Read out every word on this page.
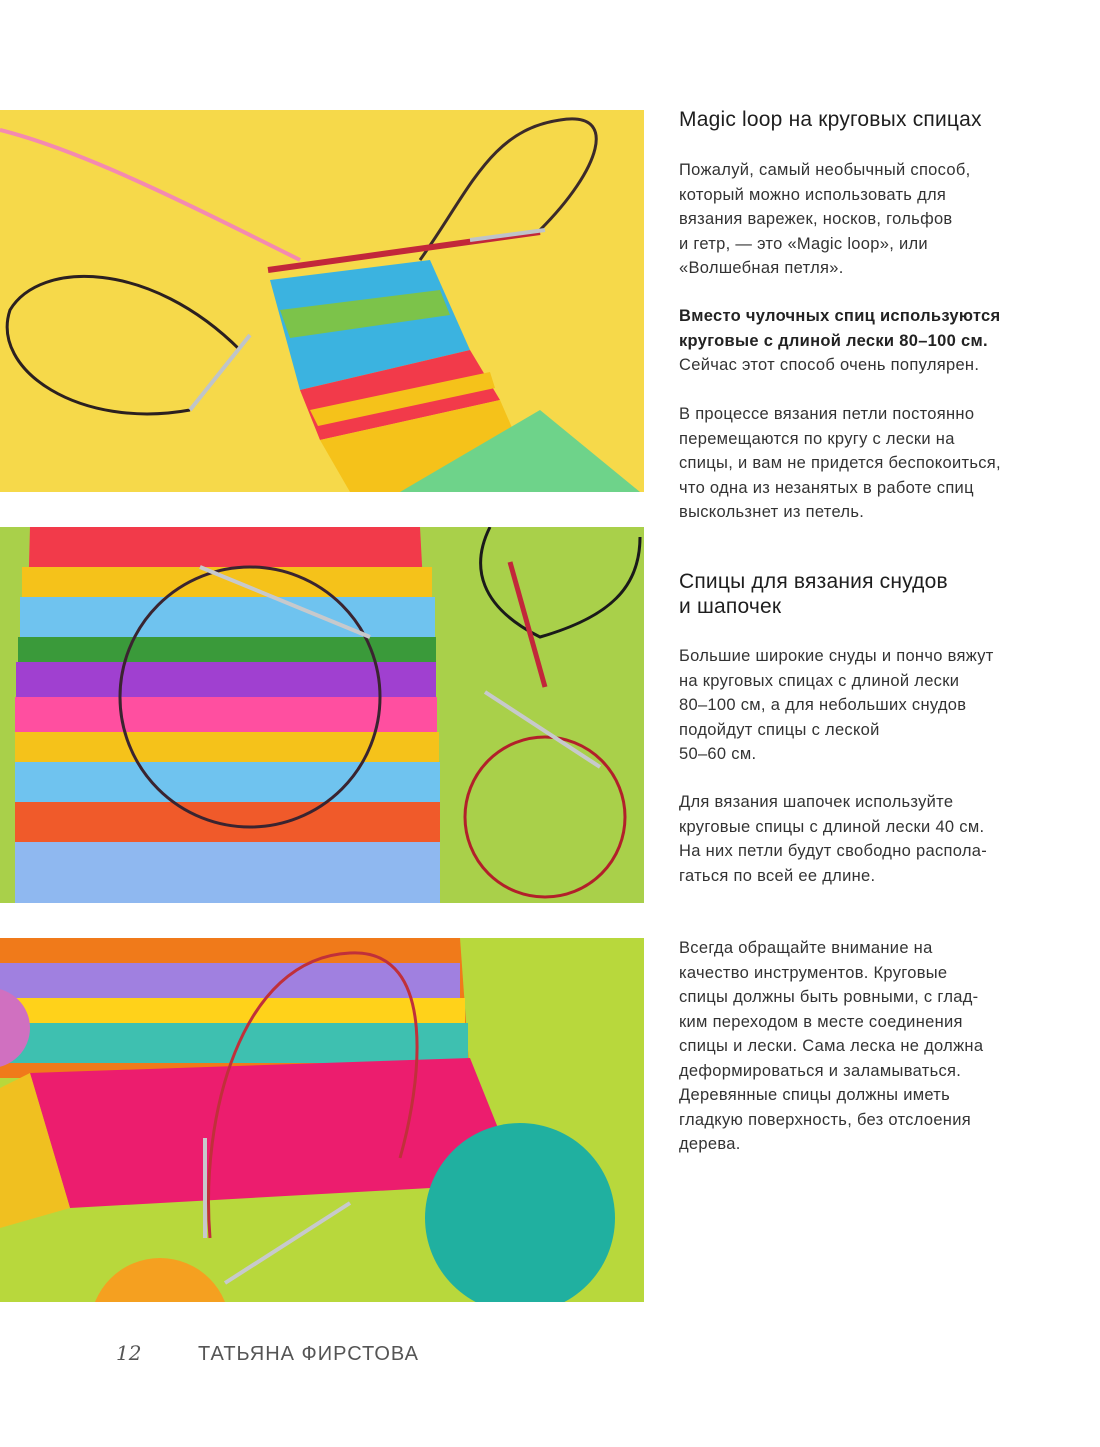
Magic loop на круговых спицах

Пожалуй, самый необычный способ,
который можно использовать для
вязания варежек, носков, гольфов
и гетр, — это «Magic loop», или
«Волшебная петля».

Вместо чулочных спиц используются
круговые с длиной лески 80–100 см.
Сейчас этот способ очень популярен.

В процессе вязания петли постоянно
перемещаются по кругу с лески на
спицы, и вам не придется беспокоиться,
что одна из незанятых в работе спиц
выскользнет из петель.

Спицы для вязания снудов
и шапочек

Большие широкие снуды и пончо вяжут
на круговых спицах с длиной лески
80–100 см, а для небольших снудов
подойдут спицы с леской
50–60 см.

Для вязания шапочек используйте
круговые спицы с длиной лески 40 см.
На них петли будут свободно распола-
гаться по всей ее длине.

Всегда обращайте внимание на
качество инструментов. Круговые
спицы должны быть ровными, с глад-
ким переходом в месте соединения
спицы и лески. Сама леска не должна
деформироваться и заламываться.
Деревянные спицы должны иметь
гладкую поверхность, без отслоения
дерева.

12	ТАТЬЯНА ФИРСТОВА
